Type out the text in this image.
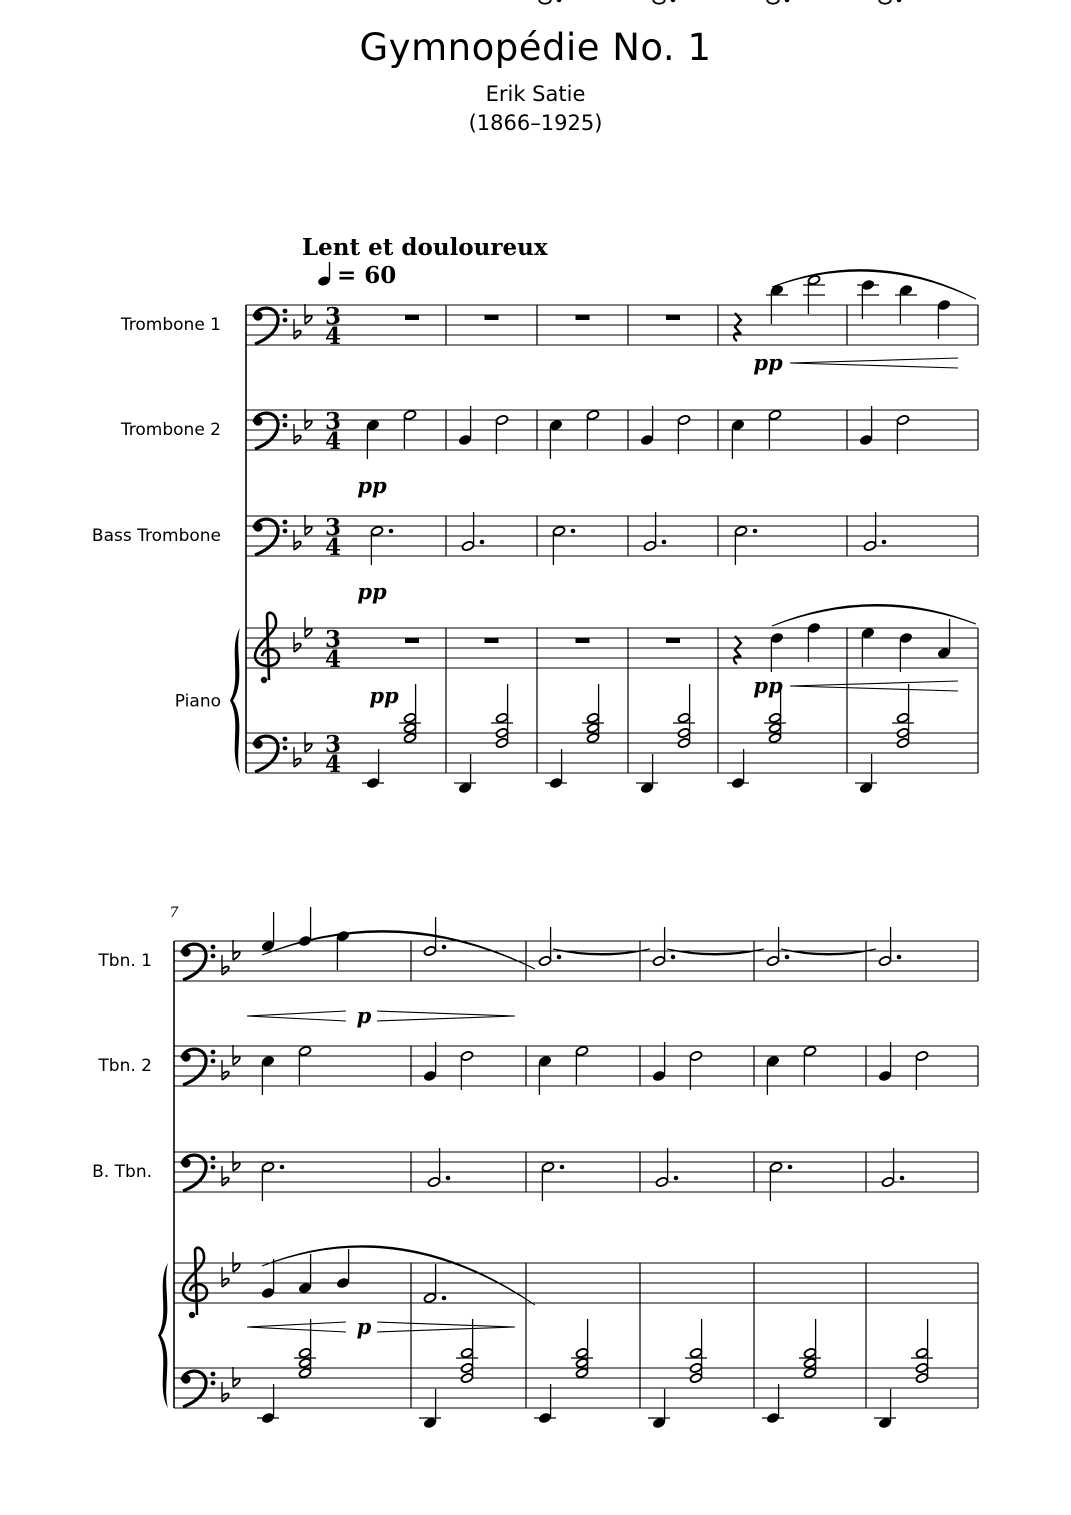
Gymnopédie No. 1
Erik Satie
(1866–1925)
Lent et douloureux
= 60
Trombone 1
Trombone 2
Bass Trombone
Piano
3
4
3
4
3
4
3
4
3
4
pp
pp
pp
pp	pp
Tbn. 1
Tbn. 2
B. Tbn.
7
p
p
